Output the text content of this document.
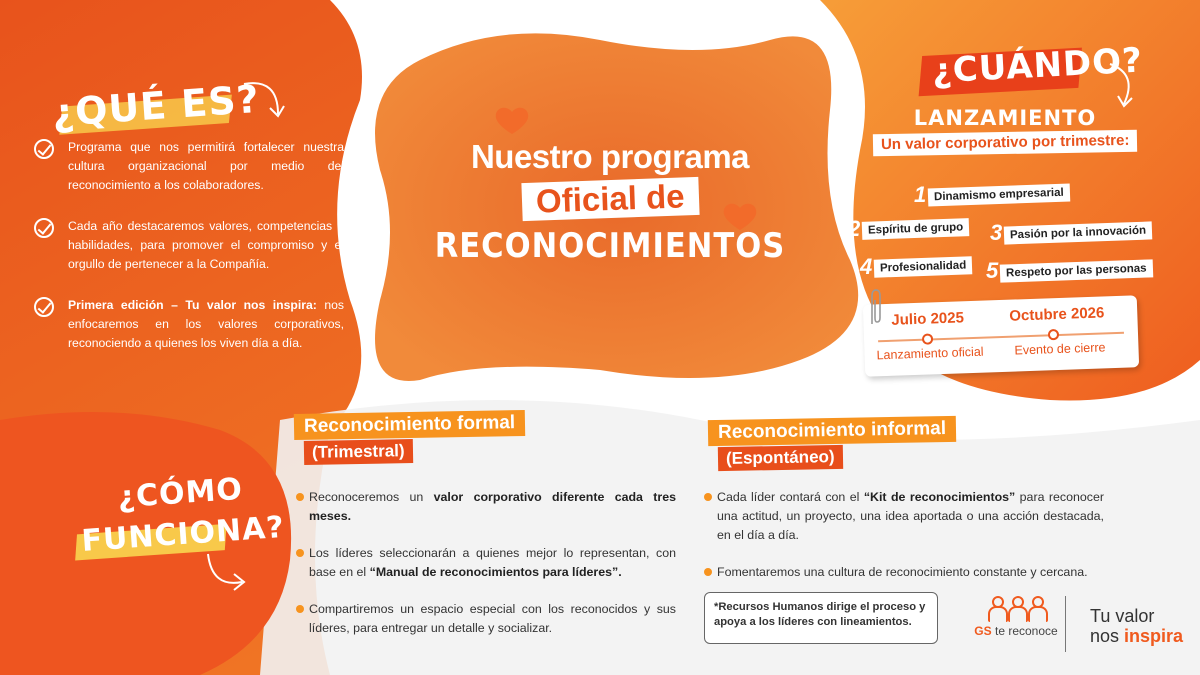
¿QUÉ ES?
Programa que nos permitirá fortalecer nuestra cultura organizacional por medio del reconocimiento a los colaboradores.
Cada año destacaremos valores, competencias o habilidades, para promover el compromiso y el orgullo de pertenecer a la Compañía.
Primera edición – Tu valor nos inspira: nos enfocaremos en los valores corporativos, reconociendo a quienes los viven día a día.
Nuestro programa
Oficial de
RECONOCIMIENTOS
¿CUÁNDO?
LANZAMIENTO
Un valor corporativo por trimestre:
1 Dinamismo empresarial
2 Espíritu de grupo 3 Pasión por la innovación
4 Profesionalidad 5 Respeto por las personas
Julio 2025	Octubre 2026
Lanzamiento oficial Evento de cierre
¿CÓMO
FUNCIONA?
Reconocimiento formal
(Trimestral)
Reconoceremos un valor corporativo diferente cada tres meses.
Los líderes seleccionarán a quienes mejor lo representan, con base en el “Manual de reconocimientos para líderes”.
Compartiremos un espacio especial con los reconocidos y sus líderes, para entregar un detalle y socializar.
Reconocimiento informal
(Espontáneo)
Cada líder contará con el “Kit de reconocimientos” para reconocer una actitud, un proyecto, una idea aportada o una acción destacada, en el día a día.
Fomentaremos una cultura de reconocimiento constante y cercana.
*Recursos Humanos dirige el proceso y apoya a los líderes con lineamientos.
GS te reconoce
Tu valor
nos inspira
